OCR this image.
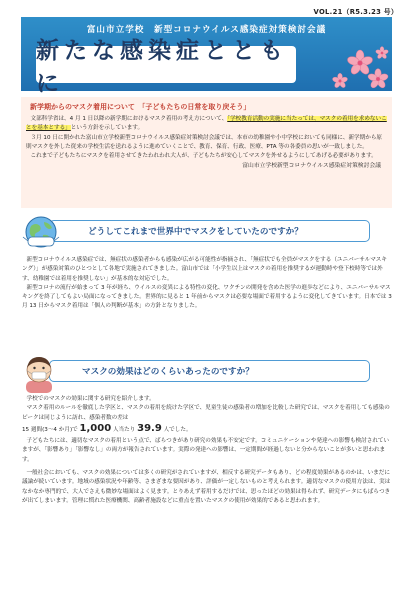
VOL.21（R5.3.23 号）
富山市立学校　新型コロナウイルス感染症対策検討会議
新たな感染症とともに
新学期からのマスク着用について　「子どもたちの日常を取り戻そう」

文部科学省は、4 月 1 日以降の新学期におけるマスク着用の考え方について、「学校教育活動の実施に当たっては、マスクの着用を求めないことを基本とする」という方針を示しています。

３月 10 日に開かれた富山市立学校新型コロナウイルス感染症対策検討会議では、本市の幼稚園や小中学校においても同様に、新学期から原則マスクを外した従来の学校生活を送れるように進めていくことで、教育、保育、行政、医療、PTA 等の各委員の思いが一致しました。

これまで子どもたちにマスクを着用させてきたわれわれ大人が、子どもたちが安心してマスクを外せるようにしてあげる必要があります。

富山市立学校新型コロナウイルス感染症対策検討会議
どうしてこれまで世界中でマスクをしていたのですか？

新型コロナウイルス感染症では、無症状の感染者からも感染が広がる可能性が指摘され、「無症状でも全員がマスクをする（ユニバーサルマスキング）」が感染対策のひとつとして各地で実施されてきました。富山市では「小学生以上はマスクの着用を推奨するが運動時や登下校時等では外す、幼稚園では着用を推奨しない」が基本的な対応でした。

新型コロナの流行が始まって 3 年が経ち、ウイルスの変異による特性の変化、ワクチンの開発を含めた医学の進歩などにより、ユニバーサルマスキングを終了してもよい局面になってきました。世界的に見ると 1 年前からマスクは必要な場面で着用するように変化してきています。日本では 3 月 13 日からマスク着用は「個人の判断が基本」の方針となりました。

マスクの効果はどのくらいあったのですか？

学校でのマスクの効果に関する研究を紹介します。

マスク着用のルールを徹底した学区と、マスクの着用を続けた学区で、児童生徒の感染者の増加を比較した研究では、マスクを着用しても感染のピークは同じように訪れ、感染者数の差は

15 週間(3～4 か月)で 1,000 人当たり 39.9 人でした。

子どもたちには、適切なマスクの着用という点で、ばらつきがあり研究の効果も不安定です。コミュニケーションや発達への影響も検討されていますが、「影響あり」「影響なし」の両方が報告されています。実際の発達への影響は、一定期間が経過しないと分からないことが多いと思われます。

一般社会においても、マスクの効果については多くの研究がされていますが、相反する研究データもあり、どの程度効果があるのかは、いまだに議論が続いています。地域の感染状況や年齢等、さまざまな要因があり、評価が一定しないものと考えられます。適切なマスクの使用方法は、実はなかなか専門的で、大人でさえも微妙な場面はよく見ます。とりあえず着用するだけでは、思ったほどの効果は得られず、研究データにもばらつきが出てしまいます。管理に慣れた医療機関、高齢者施設などに重点を置いたマスクの使用が効果的であると思われます。
